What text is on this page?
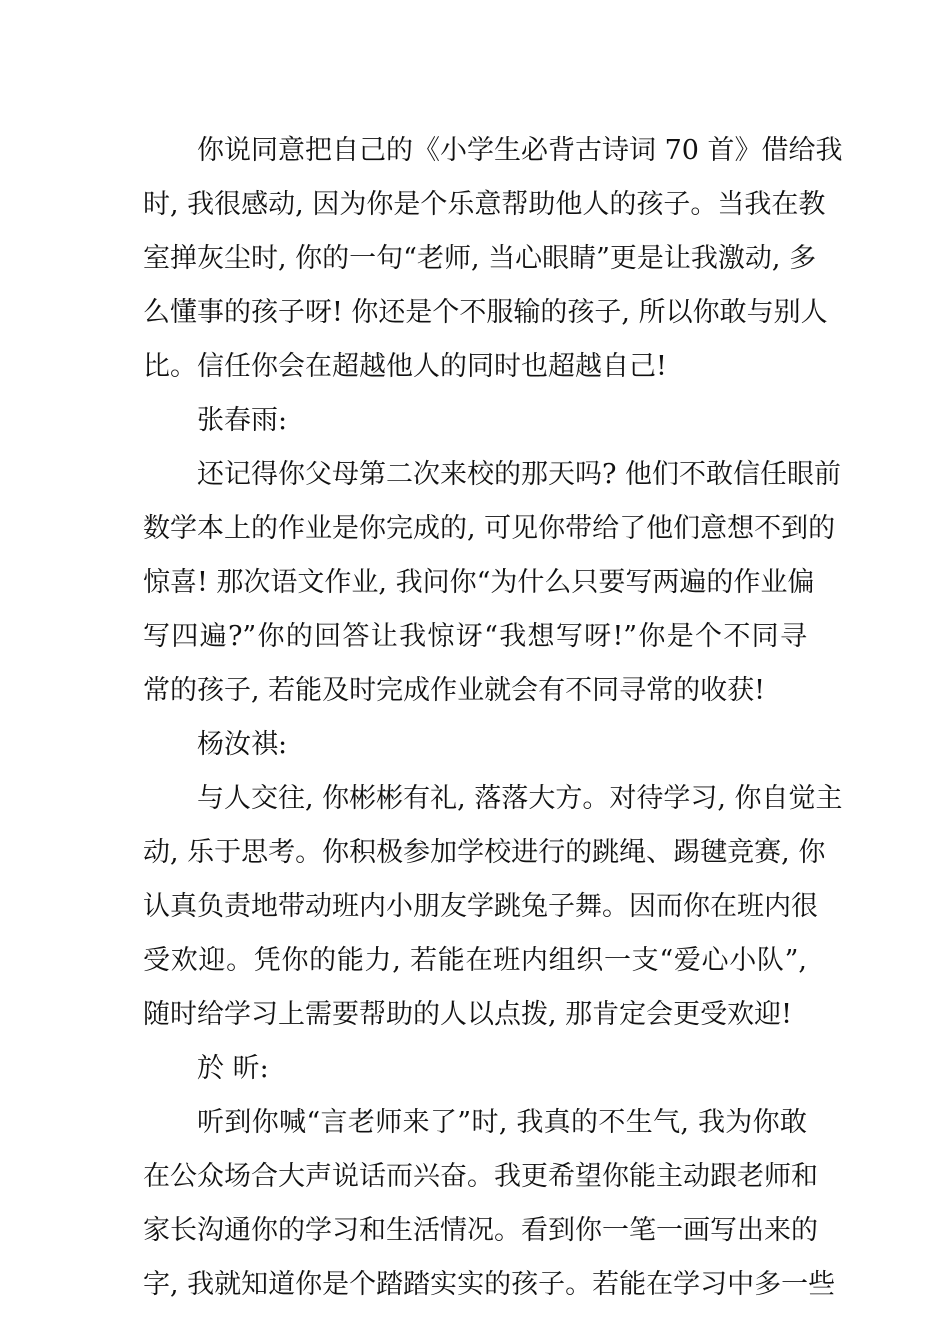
你说同意把自己的《小学生必背古诗词 70 首》借给我
时, 我很感动, 因为你是个乐意帮助他人的孩子。当我在教
室掸灰尘时, 你的一句“老师, 当心眼睛”更是让我激动, 多
么懂事的孩子呀! 你还是个不服输的孩子, 所以你敢与别人
比。信任你会在超越他人的同时也超越自己!
张春雨:
还记得你父母第二次来校的那天吗? 他们不敢信任眼前
数学本上的作业是你完成的, 可见你带给了他们意想不到的
惊喜! 那次语文作业, 我问你“为什么只要写两遍的作业偏
写四遍?”你的回答让我惊讶“我想写呀!”你是个不同寻
常的孩子, 若能及时完成作业就会有不同寻常的收获!
杨汝祺:
与人交往, 你彬彬有礼, 落落大方。对待学习, 你自觉主
动, 乐于思考。你积极参加学校进行的跳绳、踢毽竞赛, 你
认真负责地带动班内小朋友学跳兔子舞。因而你在班内很
受欢迎。凭你的能力, 若能在班内组织一支“爱心小队”,
随时给学习上需要帮助的人以点拨, 那肯定会更受欢迎!
於 昕:
听到你喊“言老师来了”时, 我真的不生气, 我为你敢
在公众场合大声说话而兴奋。我更希望你能主动跟老师和
家长沟通你的学习和生活情况。看到你一笔一画写出来的
字, 我就知道你是个踏踏实实的孩子。若能在学习中多一些
